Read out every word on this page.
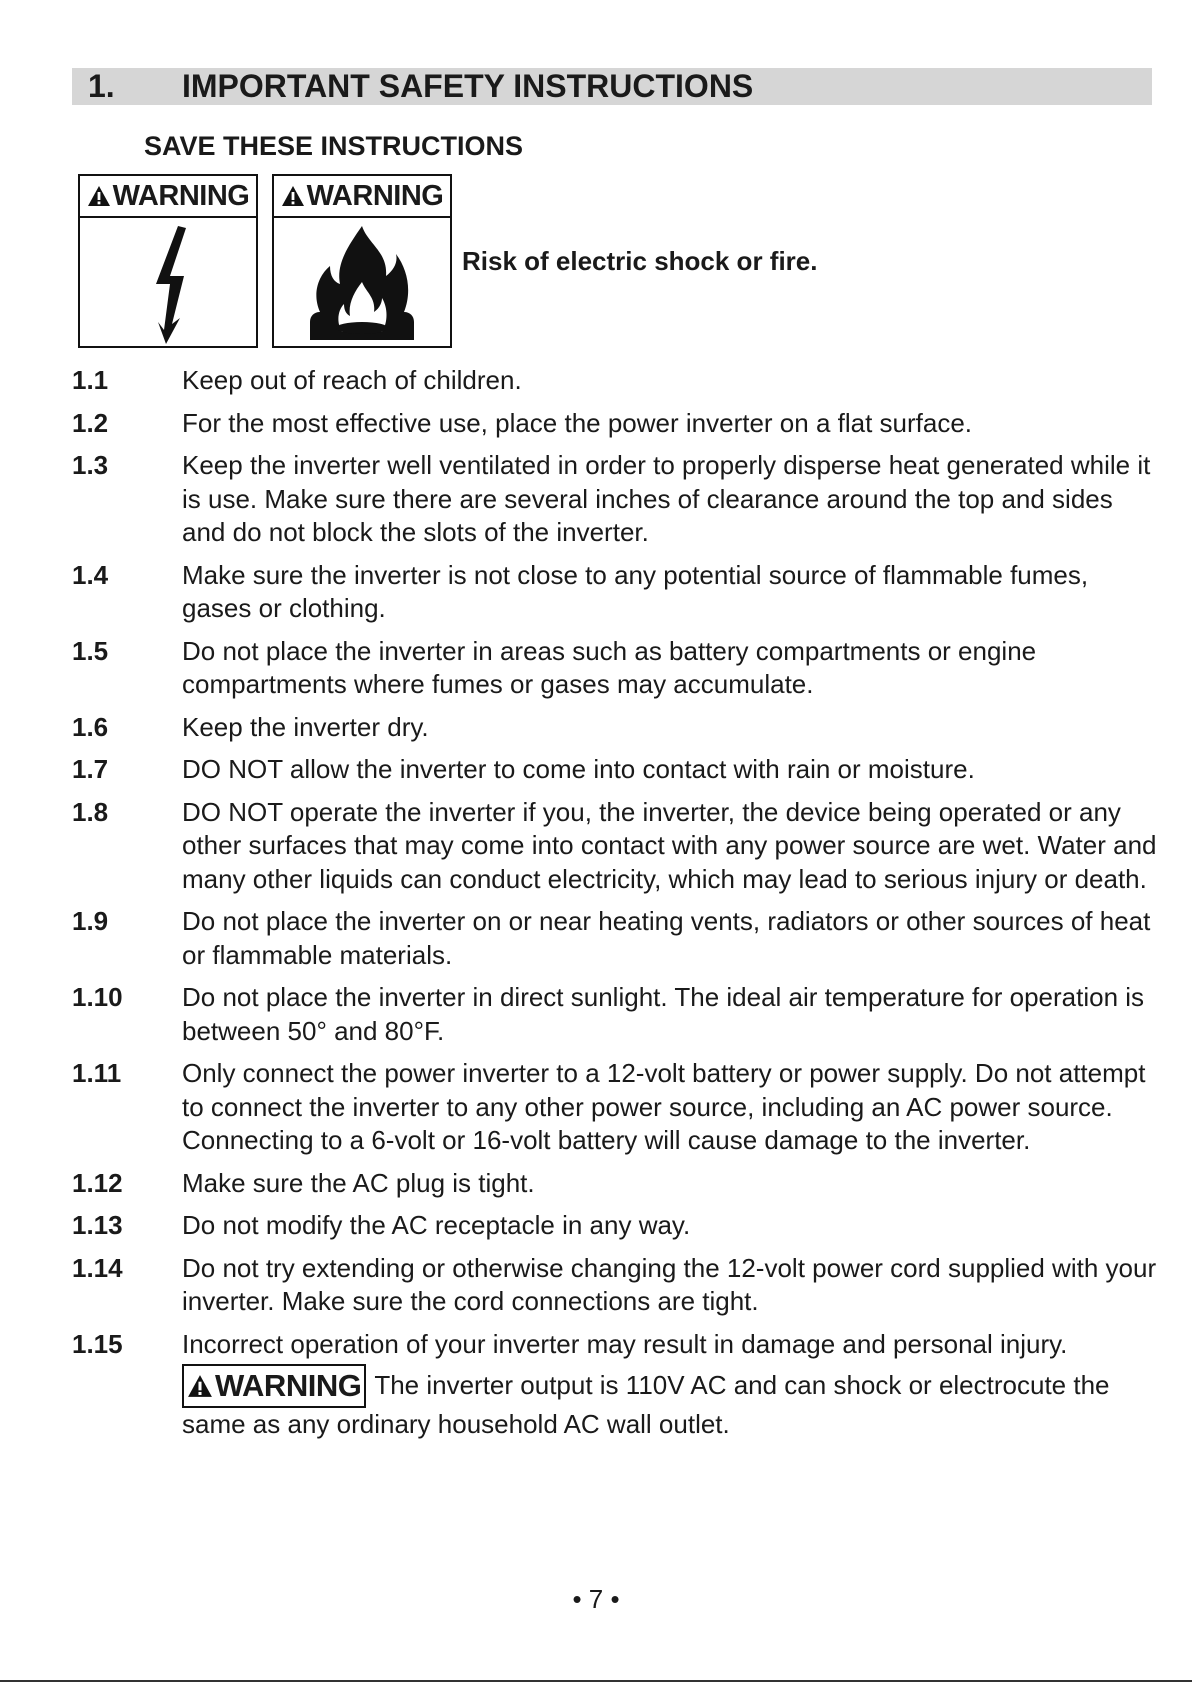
1. IMPORTANT SAFETY INSTRUCTIONS
SAVE THESE INSTRUCTIONS
WARNING WARNING
Risk of electric shock or fire.
1.1	Keep out of reach of children.
1.2	For the most effective use, place the power inverter on a flat surface.
1.3	Keep the inverter well ventilated in order to properly disperse heat generated while it is use. Make sure there are several inches of clearance around the top and sides and do not block the slots of the inverter.
1.4	Make sure the inverter is not close to any potential source of flammable fumes, gases or clothing.
1.5	Do not place the inverter in areas such as battery compartments or engine compartments where fumes or gases may accumulate.
1.6	Keep the inverter dry.
1.7	DO NOT allow the inverter to come into contact with rain or moisture.
1.8	DO NOT operate the inverter if you, the inverter, the device being operated or any other surfaces that may come into contact with any power source are wet. Water and many other liquids can conduct electricity, which may lead to serious injury or death.
1.9	Do not place the inverter on or near heating vents, radiators or other sources of heat or flammable materials.
1.10 Do not place the inverter in direct sunlight. The ideal air temperature for operation is between 50° and 80°F.
1.11 Only connect the power inverter to a 12-volt battery or power supply. Do not attempt to connect the inverter to any other power source, including an AC power source. Connecting to a 6-volt or 16-volt battery will cause damage to the inverter.
1.12 Make sure the AC plug is tight.
1.13 Do not modify the AC receptacle in any way.
1.14 Do not try extending or otherwise changing the 12-volt power cord supplied with your inverter. Make sure the cord connections are tight.
1.15 Incorrect operation of your inverter may result in damage and personal injury.
WARNING The inverter output is 110V AC and can shock or electrocute the same as any ordinary household AC wall outlet.
• 7 •
